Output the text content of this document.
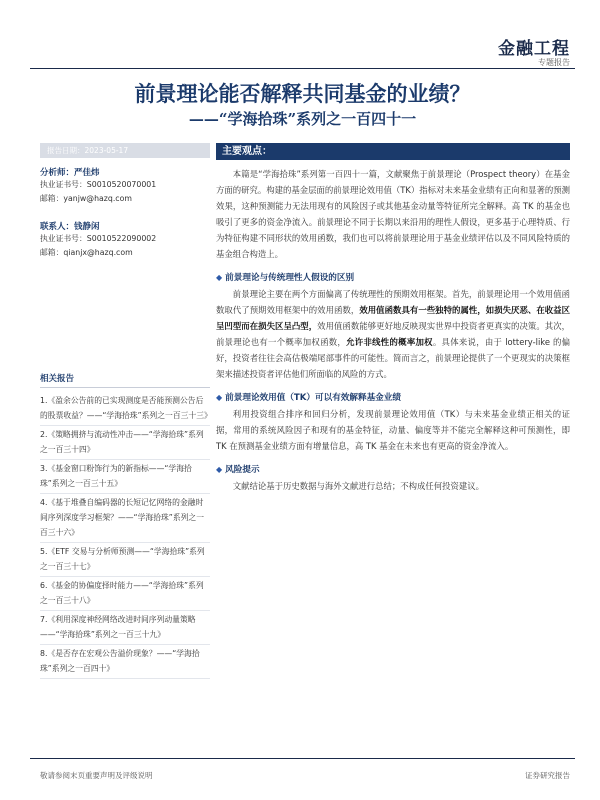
金融工程
专题报告
前景理论能否解释共同基金的业绩？
——“学海拾珠”系列之一百四十一
报告日期：2023-05-17
分析师：严佳炜
执业证书号：S0010520070001
邮箱：yanjw@hazq.com
联系人：钱静闲
执业证书号：S0010522090002
邮箱：qianjx@hazq.com
相关报告
1.《盈余公告前的已实现测度是否能预测公告后的股票收益？——“学海拾珠”系列之一百三十三》
2.《策略拥挤与流动性冲击——“学海拾珠”系列之一百三十四》
3.《基金窗口粉饰行为的新指标——“学海拾珠”系列之一百三十五》
4.《基于堆叠自编码器的长短记忆网络的金融时间序列深度学习框架？——“学海拾珠”系列之一百三十六》
5.《ETF 交易与分析师预测——“学海拾珠”系列之一百三十七》
6.《基金的协偏度择时能力——“学海拾珠”系列之一百三十八》
7.《利用深度神经网络改进时间序列动量策略——“学海拾珠”系列之一百三十九》
8.《是否存在宏观公告溢价现象？——“学海拾珠”系列之一百四十》
主要观点：

本篇是“学海拾珠”系列第一百四十一篇，文献聚焦于前景理论（Prospect theory）在基金方面的研究。构建的基金层面的前景理论效用值（TK）指标对未来基金业绩有正向和显著的预测效果，这种预测能力无法用现有的风险因子或其他基金动量等特征所完全解释。高 TK 的基金也吸引了更多的资金净流入。前景理论不同于长期以来沿用的理性人假设，更多基于心理特质、行为特征构建不同形状的效用函数，我们也可以将前景理论用于基金业绩评估以及不同风险特质的基金组合构造上。

◆ 前景理论与传统理性人假设的区别

前景理论主要在两个方面偏离了传统理性的预期效用框架。首先，前景理论用一个效用值函数取代了预期效用框架中的效用函数，效用值函数具有一些独特的属性，如损失厌恶、在收益区呈凹型而在损失区呈凸型，效用值函数能够更好地反映现实世界中投资者更真实的决策。其次，前景理论也有一个概率加权函数，允许非线性的概率加权。具体来说，由于 lottery-like 的偏好，投资者往往会高估极端尾部事件的可能性。简而言之，前景理论提供了一个更现实的决策框架来描述投资者评估他们所面临的风险的方式。

◆ 前景理论效用值（TK）可以有效解释基金业绩

利用投资组合排序和回归分析，发现前景理论效用值（TK）与未来基金业绩正相关的证据，常用的系统风险因子和现有的基金特征，动量、偏度等并不能完全解释这种可预测性，即 TK 在预测基金业绩方面有增量信息，高 TK 基金在未来也有更高的资金净流入。

◆ 风险提示

文献结论基于历史数据与海外文献进行总结；不构成任何投资建议。

敬请参阅末页重要声明及评级说明	证券研究报告
